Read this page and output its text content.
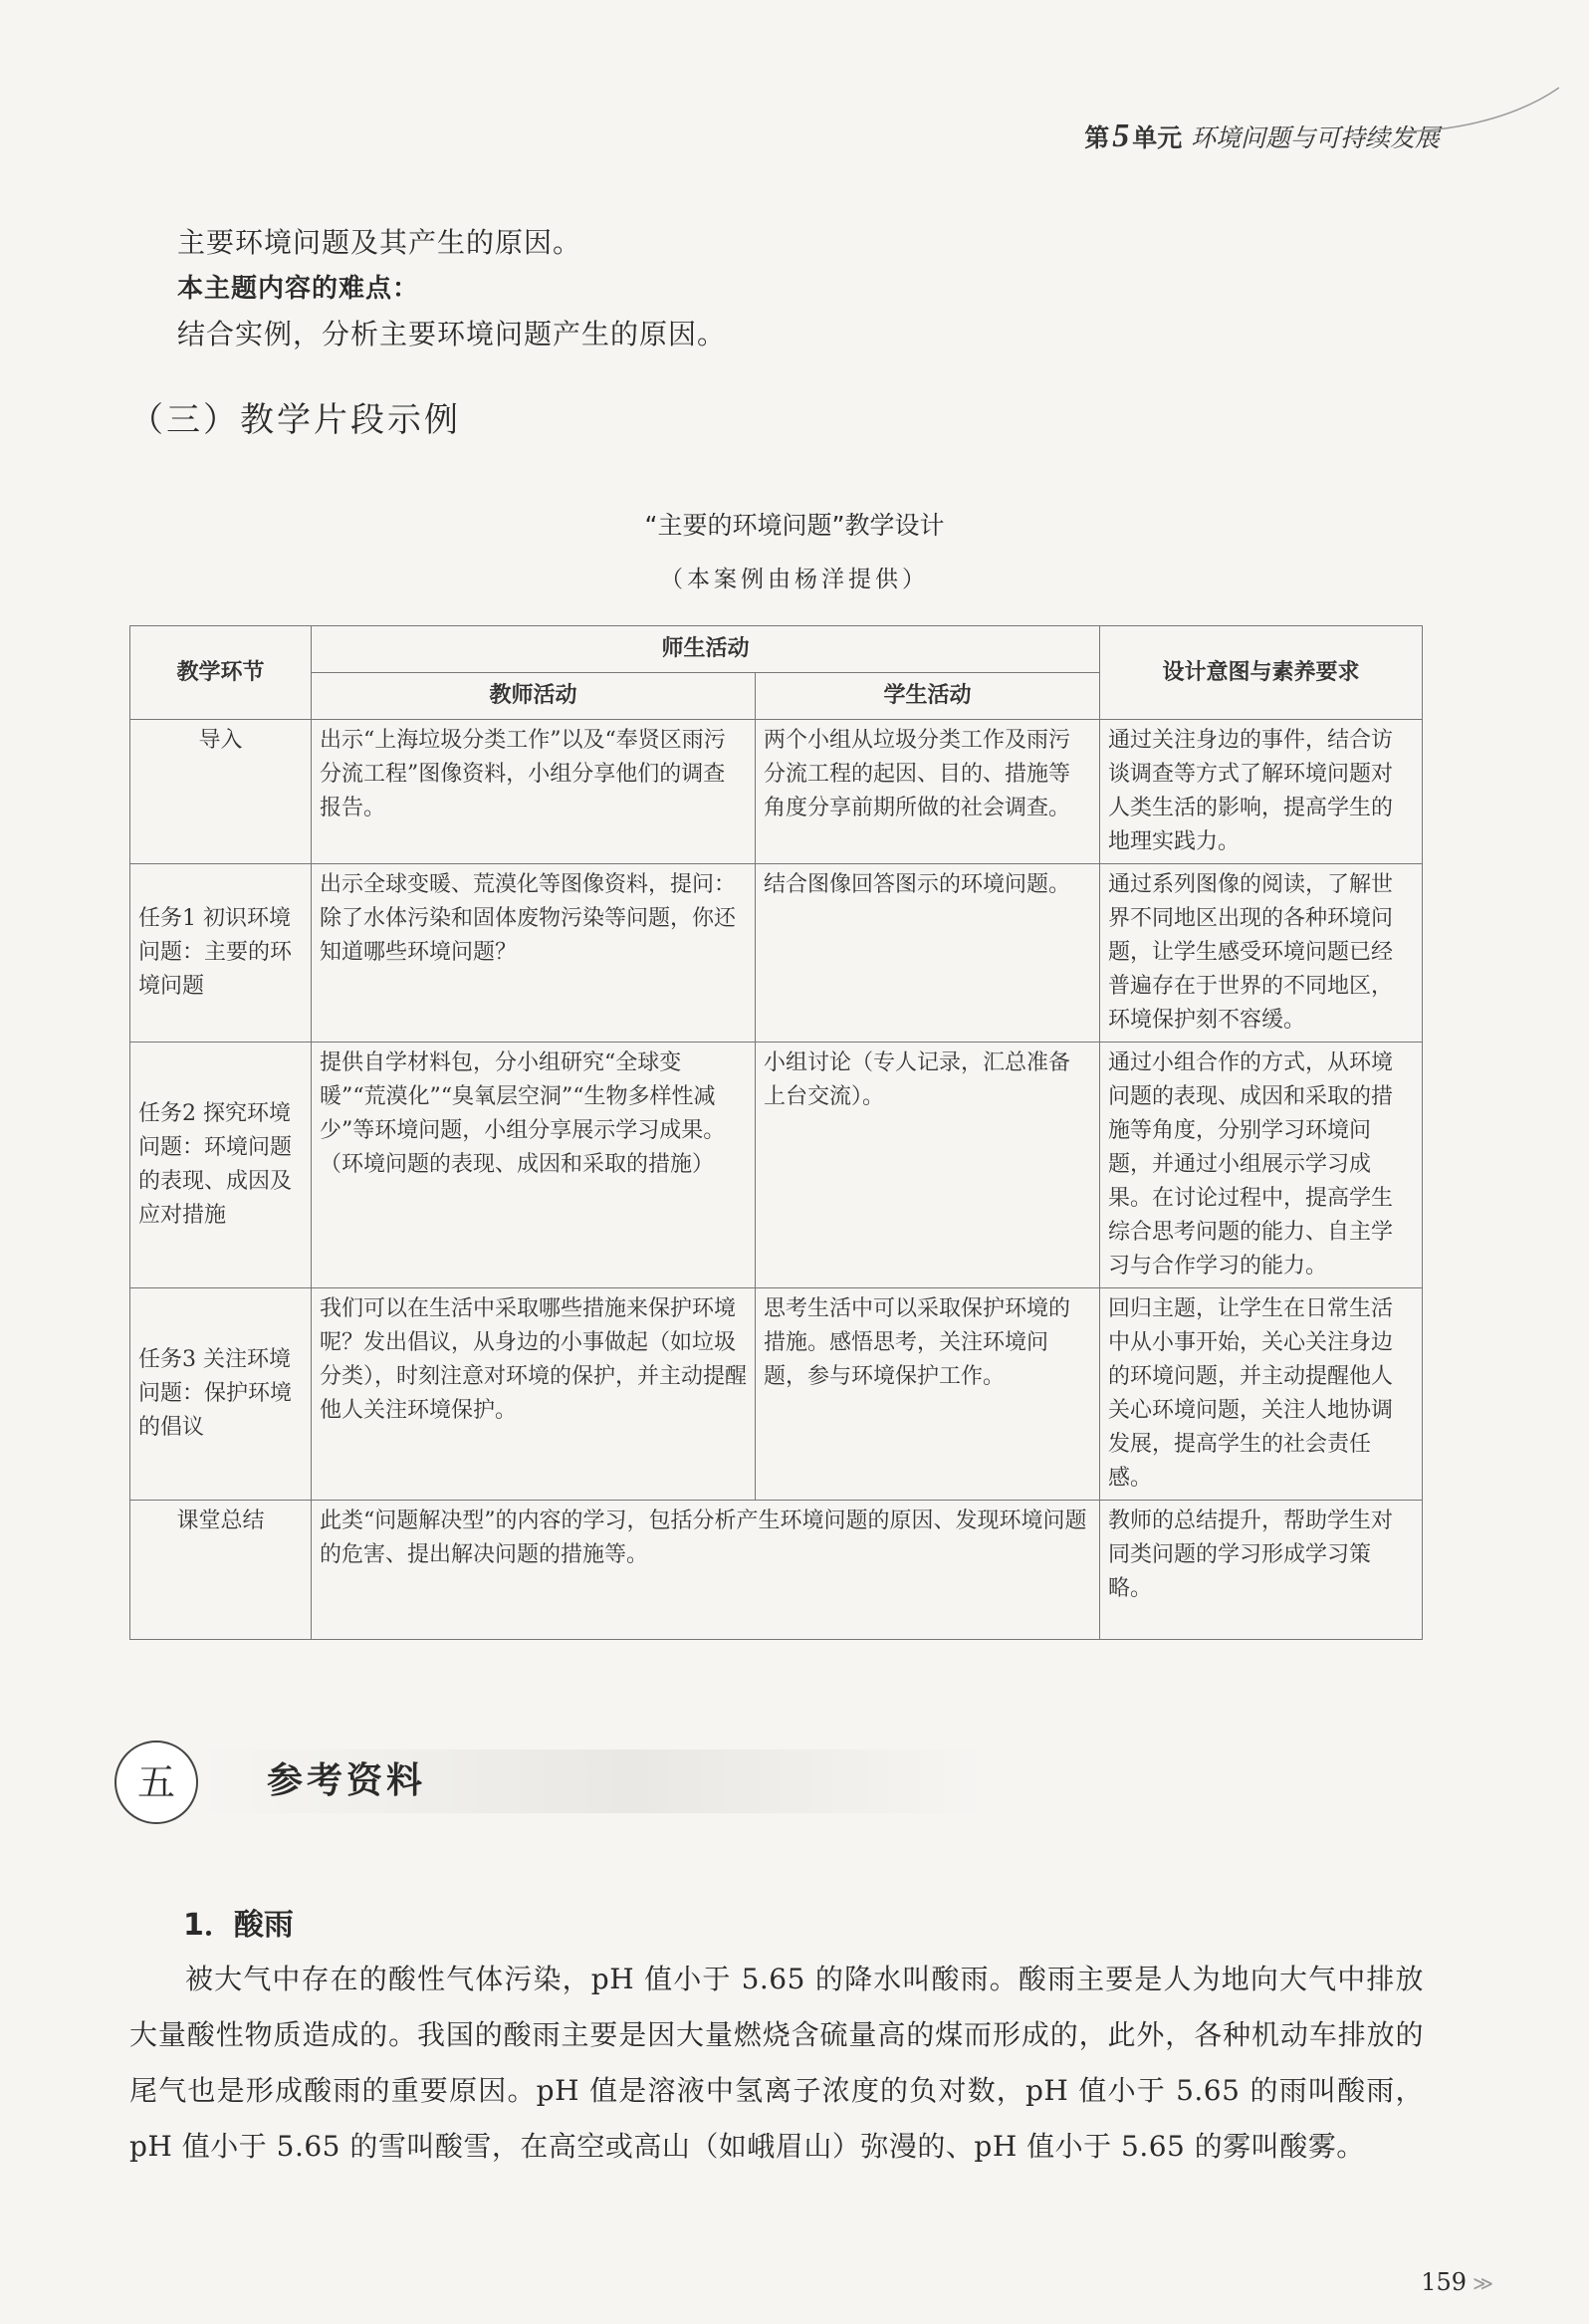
第5 单元 环境问题与可持续发展
主要环境问题及其产生的原因。
本主题内容的难点：
结合实例，分析主要环境问题产生的原因。
（三）教学片段示例
“主要的环境问题”教学设计
（本案例由杨洋提供）
教学环节	师生活动		设计意图与素养要求
	教师活动	学生活动	
导入	出示“上海垃圾分类工作”以及“奉贤区雨污分流工程”图像资料，小组分享他们的调查报告。	两个小组从垃圾分类工作及雨污分流工程的起因、目的、措施等角度分享前期所做的社会调查。	通过关注身边的事件，结合访谈调查等方式了解环境问题对人类生活的影响，提高学生的地理实践力。
任务1 初识环境问题：主要的环境问题	出示全球变暖、荒漠化等图像资料，提问：除了水体污染和固体废物污染等问题，你还知道哪些环境问题？	结合图像回答图示的环境问题。	通过系列图像的阅读，了解世界不同地区出现的各种环境问题，让学生感受环境问题已经普遍存在于世界的不同地区，环境保护刻不容缓。
任务2 探究环境问题：环境问题的表现、成因及应对措施	提供自学材料包，分小组研究“全球变暖”“荒漠化”“臭氧层空洞”“生物多样性减少”等环境问题，小组分享展示学习成果。（环境问题的表现、成因和采取的措施）	小组讨论（专人记录，汇总准备上台交流）。	通过小组合作的方式，从环境问题的表现、成因和采取的措施等角度，分别学习环境问题，并通过小组展示学习成果。在讨论过程中，提高学生综合思考问题的能力、自主学习与合作学习的能力。
任务3 关注环境问题：保护环境的倡议	我们可以在生活中采取哪些措施来保护环境呢？发出倡议，从身边的小事做起（如垃圾分类），时刻注意对环境的保护，并主动提醒他人关注环境保护。	思考生活中可以采取保护环境的措施。感悟思考，关注环境问题，参与环境保护工作。	回归主题，让学生在日常生活中从小事开始，关心关注身边的环境问题，并主动提醒他人关心环境问题，关注人地协调发展，提高学生的社会责任感。
课堂总结	此类“问题解决型”的内容的学习，包括分析产生环境问题的原因、发现环境问题的危害、提出解决问题的措施等。		教师的总结提升，帮助学生对同类问题的学习形成学习策略。
五	参考资料
1．酸雨

被大气中存在的酸性气体污染，pH 值小于 5.65 的降水叫酸雨。酸雨主要是人为地向大气中排放大量酸性物质造成的。我国的酸雨主要是因大量燃烧含硫量高的煤而形成的，此外，各种机动车排放的尾气也是形成酸雨的重要原因。pH 值是溶液中氢离子浓度的负对数，pH 值小于 5.65 的雨叫酸雨，pH 值小于 5.65 的雪叫酸雪，在高空或高山（如峨眉山）弥漫的、pH 值小于 5.65 的雾叫酸雾。

159 ≫
